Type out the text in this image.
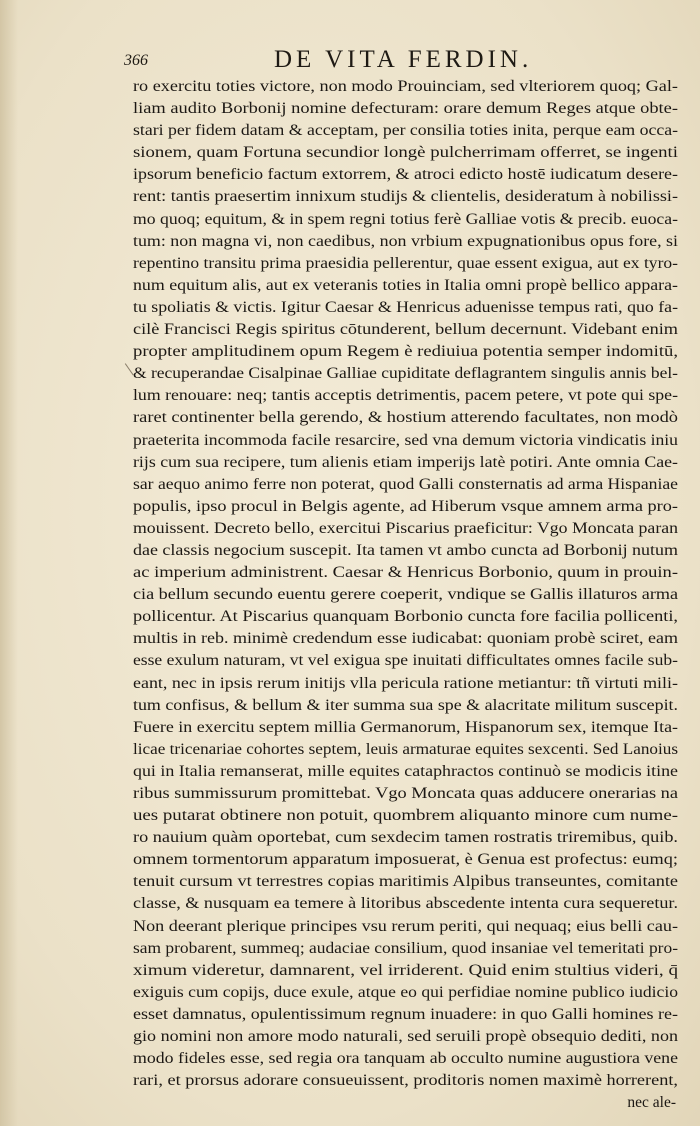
366	DE VITA FERDIN.
ro exercitu toties victore, non modo Prouinciam, sed vlteriorem quoq; Gal-
liam audito Borbonij nomine defecturam: orare demum Reges atque obte-
stari per fidem datam & acceptam, per consilia toties inita, perque eam occa-
sionem, quam Fortuna secundior longè pulcherrimam offerret, se ingenti
ipsorum beneficio factum extorrem, & atroci edicto hostē iudicatum desere-
rent: tantis praesertim innixum studijs & clientelis, desideratum à nobilissi-
mo quoq; equitum, & in spem regni totius ferè Galliae votis & precib. euoca-
tum: non magna vi, non caedibus, non vrbium expugnationibus opus fore, si
repentino transitu prima praesidia pellerentur, quae essent exigua, aut ex tyro-
num equitum alis, aut ex veteranis toties in Italia omni propè bellico appara-
tu spoliatis & victis. Igitur Caesar & Henricus aduenisse tempus rati, quo fa-
cilè Francisci Regis spiritus cōtunderent, bellum decernunt. Videbant enim
propter amplitudinem opum Regem è rediuiua potentia semper indomitū,
& recuperandae Cisalpinae Galliae cupiditate deflagrantem singulis annis bel-
lum renouare: neq; tantis acceptis detrimentis, pacem petere, vt pote qui spe-
raret continenter bella gerendo, & hostium atterendo facultates, non modò
praeterita incommoda facile resarcire, sed vna demum victoria vindicatis iniu
rijs cum sua recipere, tum alienis etiam imperijs latè potiri. Ante omnia Cae-
sar aequo animo ferre non poterat, quod Galli consternatis ad arma Hispaniae
populis, ipso procul in Belgis agente, ad Hiberum vsque amnem arma pro-
mouissent. Decreto bello, exercitui Piscarius praeficitur: Vgo Moncata paran
dae classis negocium suscepit. Ita tamen vt ambo cuncta ad Borbonij nutum
ac imperium administrent. Caesar & Henricus Borbonio, quum in prouin-
cia bellum secundo euentu gerere coeperit, vndique se Gallis illaturos arma
pollicentur. At Piscarius quanquam Borbonio cuncta fore facilia pollicenti,
multis in reb. minimè credendum esse iudicabat: quoniam probè sciret, eam
esse exulum naturam, vt vel exigua spe inuitati difficultates omnes facile sub-
eant, nec in ipsis rerum initijs vlla pericula ratione metiantur: tñ virtuti mili-
tum confisus, & bellum & iter summa sua spe & alacritate militum suscepit.
Fuere in exercitu septem millia Germanorum, Hispanorum sex, itemque Ita-
licae tricenariae cohortes septem, leuis armaturae equites sexcenti. Sed Lanoius
qui in Italia remanserat, mille equites cataphractos continuò se modicis itine
ribus summissurum promittebat. Vgo Moncata quas adducere onerarias na
ues putarat obtinere non potuit, quombrem aliquanto minore cum nume-
ro nauium quàm oportebat, cum sexdecim tamen rostratis triremibus, quib.
omnem tormentorum apparatum imposuerat, è Genua est profectus: eumq;
tenuit cursum vt terrestres copias maritimis Alpibus transeuntes, comitante
classe, & nusquam ea temere à litoribus abscedente intenta cura sequeretur.
Non deerant plerique principes vsu rerum periti, qui nequaq; eius belli cau-
sam probarent, summeq; audaciae consilium, quod insaniae vel temeritati pro-
ximum videretur, damnarent, vel irriderent. Quid enim stultius videri, q̄
exiguis cum copijs, duce exule, atque eo qui perfidiae nomine publico iudicio
esset damnatus, opulentissimum regnum inuadere: in quo Galli homines re-
gio nomini non amore modo naturali, sed seruili propè obsequio dediti, non
modo fideles esse, sed regia ora tanquam ab occulto numine augustiora vene
rari, et prorsus adorare consueuissent, proditoris nomen maximè horrerent,
nec ale-
